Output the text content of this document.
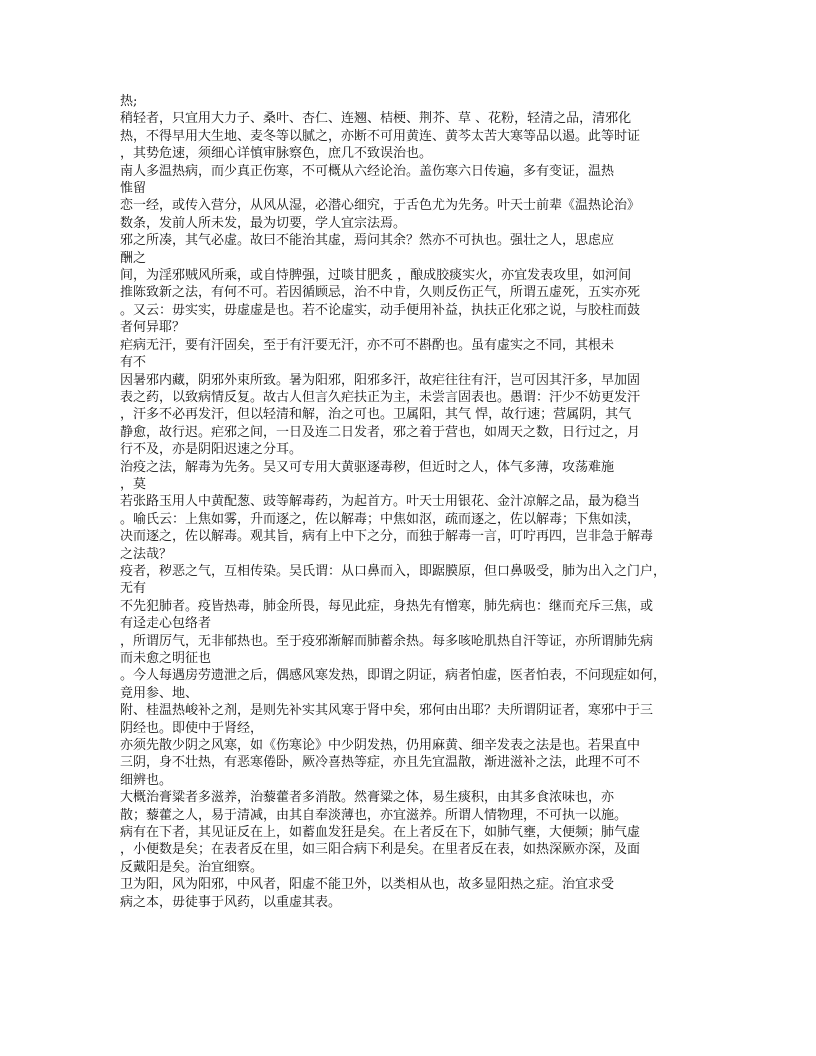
热;
稍轻者，只宜用大力子、桑叶、杏仁、连翘、桔梗、荆芥、草 、花粉，轻清之品，清邪化
热，不得早用大生地、麦冬等以腻之，亦断不可用黄连、黄芩太苦大寒等品以遏。此等时证
，其势危速，须细心详慎审脉察色，庶几不致误治也。
南人多温热病，而少真正伤寒，不可概从六经论治。盖伤寒六日传遍，多有变证，温热
惟留
恋一经，或传入营分，从风从湿，必潜心细究，于舌色尤为先务。叶天士前辈《温热论治》
数条，发前人所未发，最为切要，学人宜宗法焉。
邪之所凑，其气必虚。故曰不能治其虚，焉问其余？然亦不可执也。强壮之人，思虑应
酬之
间，为淫邪贼风所乘，或自恃脾强，过啖甘肥炙 ，酿成胶痰实火，亦宜发表攻里，如河间
推陈致新之法，有何不可。若因循顾忌，治不中肯，久则反伤正气，所谓五虚死，五实亦死
。又云：毋实实，毋虚虚是也。若不论虚实，动手便用补益，执扶正化邪之说，与胶柱而鼓
者何异耶？
疟病无汗，要有汗固矣，至于有汗要无汗，亦不可不斟酌也。虽有虚实之不同，其根未
有不
因暑邪内藏，阴邪外束所致。暑为阳邪，阳邪多汗，故疟往往有汗，岂可因其汗多，早加固
表之药，以致病情反复。故古人但言久疟扶正为主，未尝言固表也。愚谓：汗少不妨更发汗
，汗多不必再发汗，但以轻清和解，治之可也。卫属阳，其气 悍，故行速；营属阴，其气
静愈，故行迟。疟邪之间，一日及连二日发者，邪之着于营也，如周天之数，日行过之，月
行不及，亦是阴阳迟速之分耳。
治疫之法，解毒为先务。吴又可专用大黄驱逐毒秽，但近时之人，体气多薄，攻荡难施
，莫
若张路玉用人中黄配葱、豉等解毒药，为起首方。叶天士用银花、金汁凉解之品，最为稳当
。喻氏云：上焦如雾，升而逐之，佐以解毒；中焦如沤，疏而逐之，佐以解毒；下焦如渎，
决而逐之，佐以解毒。观其旨，病有上中下之分，而独于解毒一言，叮咛再四，岂非急于解毒
之法哉？
疫者，秽恶之气，互相传染。吴氏谓：从口鼻而入，即踞膜原，但口鼻吸受，肺为出入之门户，
无有
不先犯肺者。疫皆热毒，肺金所畏，每见此症，身热先有憎寒，肺先病也：继而充斥三焦，或
有迳走心包络者
，所谓厉气，无非郁热也。至于疫邪渐解而肺蓄余热。每多咳呛肌热自汗等证，亦所谓肺先病
而未愈之明征也
。今人每遇房劳遗泄之后，偶感风寒发热，即谓之阴证，病者怕虚，医者怕表，不问现症如何，
竟用参、地、
附、桂温热峻补之剂，是则先补实其风寒于肾中矣，邪何由出耶？夫所谓阴证者，寒邪中于三
阴经也。即使中于肾经，
亦须先散少阴之风寒，如《伤寒论》中少阴发热，仍用麻黄、细辛发表之法是也。若果直中
三阴，身不壮热，有恶寒倦卧，厥冷喜热等症，亦且先宜温散，渐进滋补之法，此理不可不
细辨也。
大概治膏粱者多滋养，治藜藿者多消散。然膏粱之体，易生痰积，由其多食浓味也，亦
散；藜藿之人，易于清减，由其自奉淡薄也，亦宜滋养。所谓人情物理，不可执一以施。
病有在下者，其见证反在上，如蓄血发狂是矣。在上者反在下，如肺气壅，大便频；肺气虚
，小便数是矣；在表者反在里，如三阳合病下利是矣。在里者反在表，如热深厥亦深，及面
反戴阳是矣。治宜细察。
卫为阳，风为阳邪，中风者，阳虚不能卫外，以类相从也，故多显阳热之症。治宜求受
病之本，毋徒事于风药，以重虚其表。
